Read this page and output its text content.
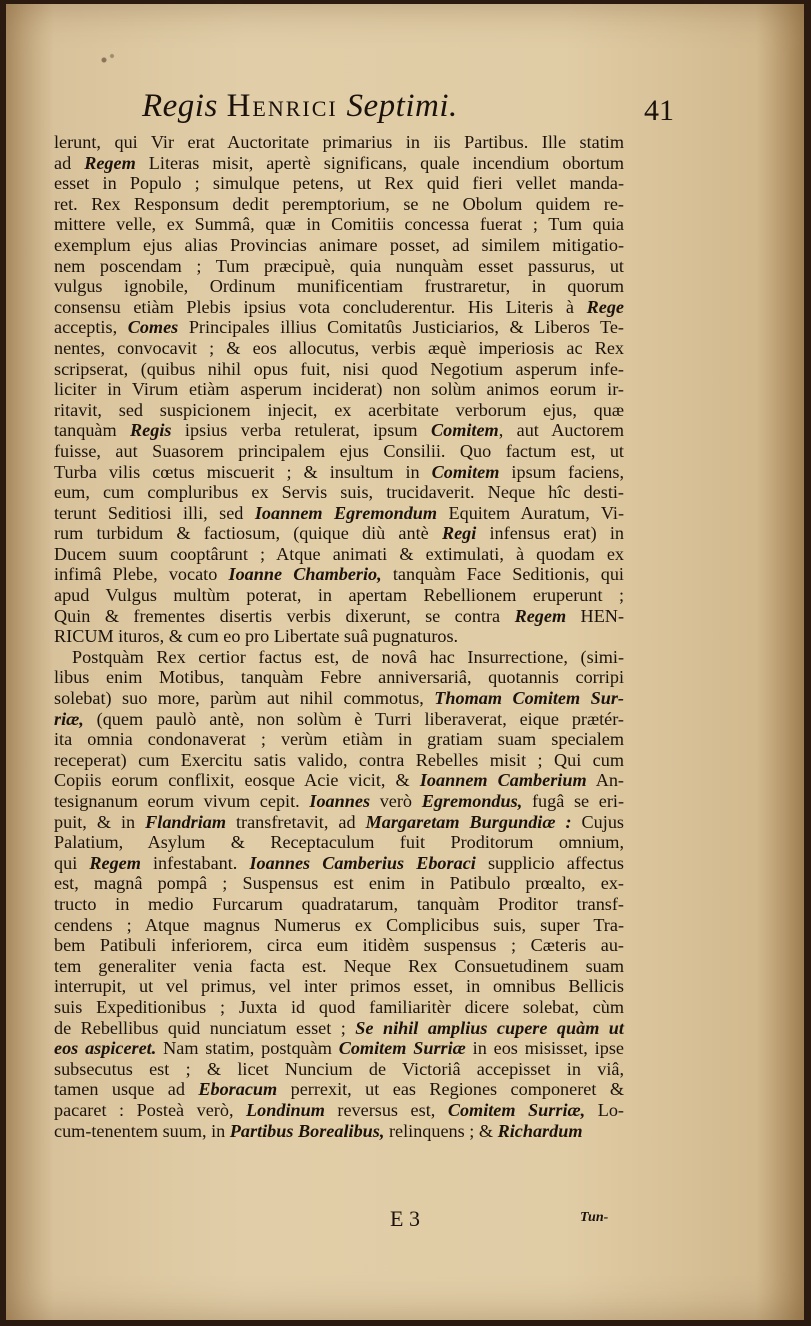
Regis HENRICI Septimi.	41
lerunt, qui Vir erat Auctoritate primarius in iis Partibus. Ille statim
ad Regem Literas misit, apertè significans, quale incendium obortum
esset in Populo ; simulque petens, ut Rex quid fieri vellet manda-
ret. Rex Responsum dedit peremptorium, se ne Obolum quidem re-
mittere velle, ex Summâ, quæ in Comitiis concessa fuerat ; Tum quia
exemplum ejus alias Provincias animare posset, ad similem mitigatio-
nem poscendam ; Tum præcipuè, quia nunquàm esset passurus, ut
vulgus ignobile, Ordinum munificentiam frustraretur, in quorum
consensu etiàm Plebis ipsius vota concluderentur. His Literis à Rege
acceptis, Comes Principales illius Comitatûs Justiciarios, & Liberos Te-
nentes, convocavit ; & eos allocutus, verbis æquè imperiosis ac Rex
scripserat, (quibus nihil opus fuit, nisi quod Negotium asperum infe-
liciter in Virum etiàm asperum inciderat) non solùm animos eorum ir-
ritavit, sed suspicionem injecit, ex acerbitate verborum ejus, quæ
tanquàm Regis ipsius verba retulerat, ipsum Comitem, aut Auctorem
fuisse, aut Suasorem principalem ejus Consilii. Quo factum est, ut
Turba vilis cœtus miscuerit ; & insultum in Comitem ipsum faciens,
eum, cum compluribus ex Servis suis, trucidaverit. Neque hîc desti-
terunt Seditiosi illi, sed Ioannem Egremondum Equitem Auratum, Vi-
rum turbidum & factiosum, (quique diù antè Regi infensus erat) in
Ducem suum cooptârunt ; Atque animati & extimulati, à quodam ex
infimâ Plebe, vocato Ioanne Chamberio, tanquàm Face Seditionis, qui
apud Vulgus multùm poterat, in apertam Rebellionem eruperunt ;
Quin & frementes disertis verbis dixerunt, se contra Regem HEN-
RICUM ituros, & cum eo pro Libertate suâ pugnaturos.
Postquàm Rex certior factus est, de novâ hac Insurrectione, (simi-
libus enim Motibus, tanquàm Febre anniversariâ, quotannis corripi
solebat) suo more, parùm aut nihil commotus, Thomam Comitem Sur-
riæ, (quem paulò antè, non solùm è Turri liberaverat, eique prætér-
ita omnia condonaverat ; verùm etiàm in gratiam suam specialem
receperat) cum Exercitu satis valido, contra Rebelles misit ; Qui cum
Copiis eorum conflixit, eosque Acie vicit, & Ioannem Camberium An-
tesignanum eorum vivum cepit. Ioannes verò Egremondus, fugâ se eri-
puit, & in Flandriam transfretavit, ad Margaretam Burgundiæ : Cujus
Palatium, Asylum & Receptaculum fuit Proditorum omnium,
qui Regem infestabant. Ioannes Camberius Eboraci supplicio affectus
est, magnâ pompâ ; Suspensus est enim in Patibulo prœalto, ex-
tructo in medio Furcarum quadratarum, tanquàm Proditor transf-
cendens ; Atque magnus Numerus ex Complicibus suis, super Tra-
bem Patibuli inferiorem, circa eum itidèm suspensus ; Cæteris au-
tem generaliter venia facta est. Neque Rex Consuetudinem suam
interrupit, ut vel primus, vel inter primos esset, in omnibus Bellicis
suis Expeditionibus ; Juxta id quod familiaritèr dicere solebat, cùm
de Rebellibus quid nunciatum esset ; Se nihil amplius cupere quàm ut
eos aspiceret. Nam statim, postquàm Comitem Surriæ in eos misisset, ipse
subsecutus est ; & licet Nuncium de Victoriâ accepisset in viâ,
tamen usque ad Eboracum perrexit, ut eas Regiones componeret &
pacaret : Posteà verò, Londinum reversus est, Comitem Surriæ, Lo-
cum-tenentem suum, in Partibus Borealibus, relinquens ; & Richardum
E 3	Tun-
